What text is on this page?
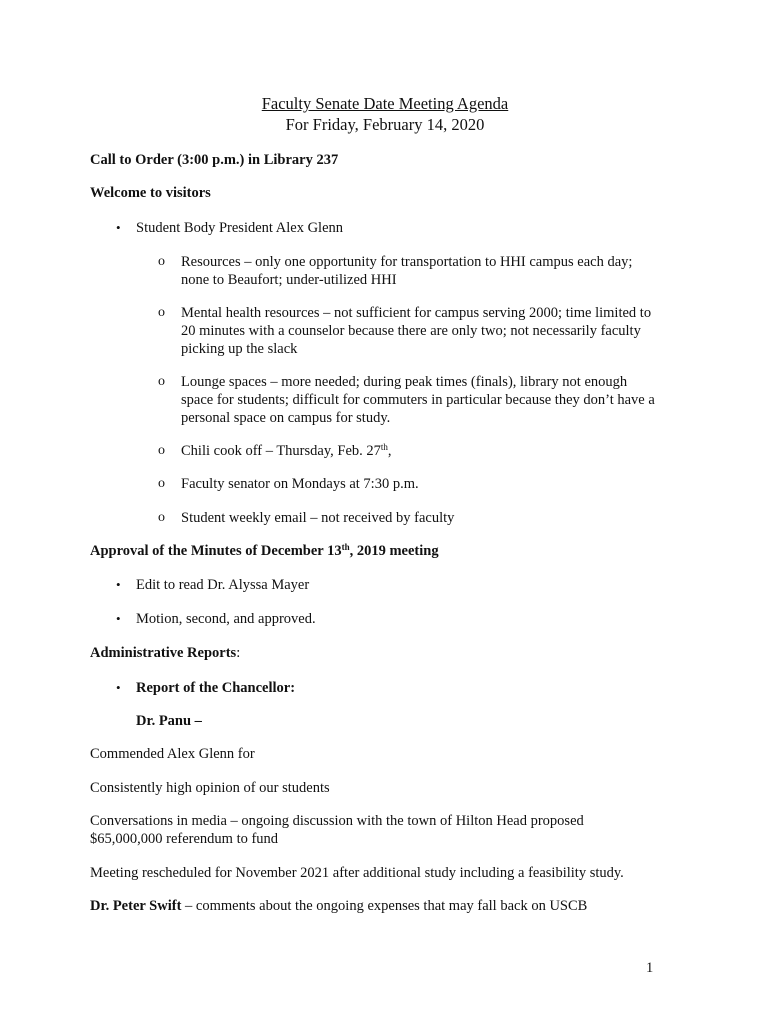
Faculty Senate Date Meeting Agenda
For Friday, February 14, 2020
Call to Order (3:00 p.m.) in Library 237
Welcome to visitors
• Student Body President Alex Glenn
o Resources – only one opportunity for transportation to HHI campus each day;
none to Beaufort; under-utilized HHI
o Mental health resources – not sufficient for campus serving 2000; time limited to
20 minutes with a counselor because there are only two; not necessarily faculty
picking up the slack
o Lounge spaces – more needed; during peak times (finals), library not enough
space for students; difficult for commuters in particular because they don’t have a
personal space on campus for study.
o Chili cook off – Thursday, Feb. 27th,
o Faculty senator on Mondays at 7:30 p.m.
o Student weekly email – not received by faculty
Approval of the Minutes of December 13th, 2019 meeting
• Edit to read Dr. Alyssa Mayer
• Motion, second, and approved.
Administrative Reports:
• Report of the Chancellor:
Dr. Panu –
Commended Alex Glenn for
Consistently high opinion of our students
Conversations in media – ongoing discussion with the town of Hilton Head proposed
$65,000,000 referendum to fund
Meeting rescheduled for November 2021 after additional study including a feasibility study.
Dr. Peter Swift – comments about the ongoing expenses that may fall back on USCB
1
